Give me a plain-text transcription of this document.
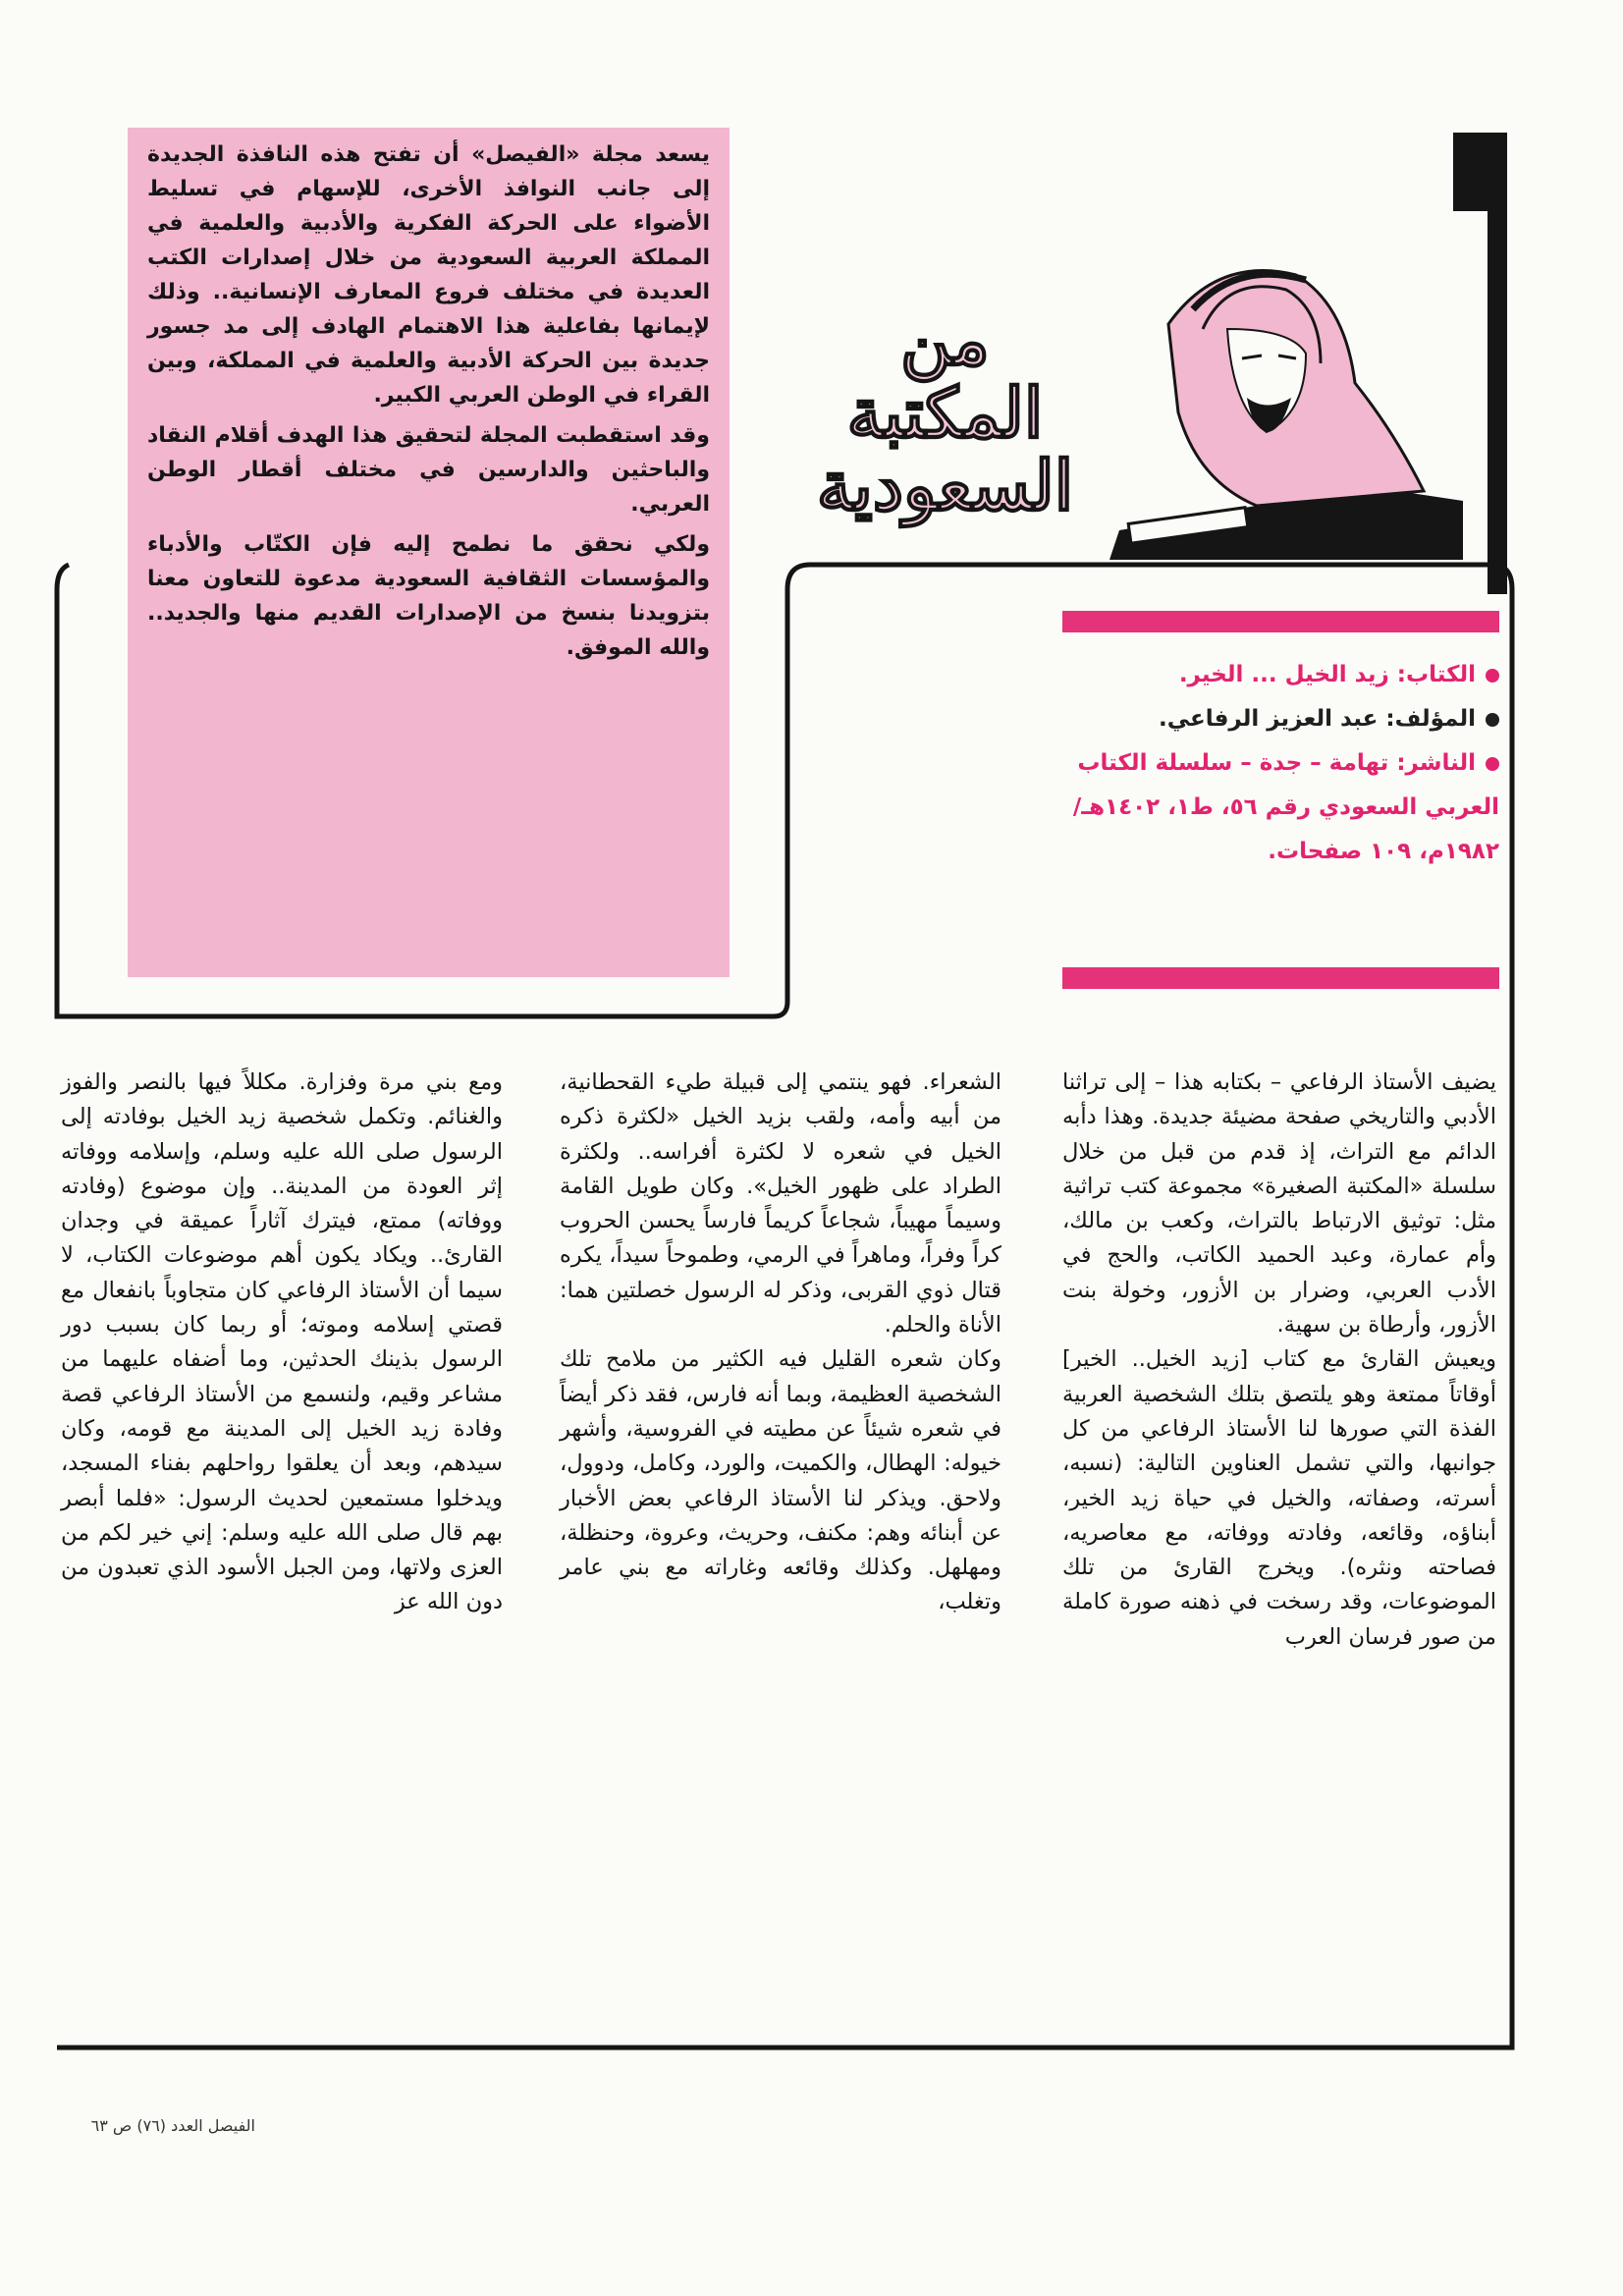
من
المكتبة
السعودية

يسعد مجلة «الفيصل» أن تفتح هذه النافذة الجديدة إلى جانب النوافذ الأخرى، للإسهام في تسليط الأضواء على الحركة الفكرية والأدبية والعلمية في المملكة العربية السعودية من خلال إصدارات الكتب العديدة في مختلف فروع المعارف الإنسانية.. وذلك لإيمانها بفاعلية هذا الاهتمام الهادف إلى مد جسور جديدة بين الحركة الأدبية والعلمية في المملكة، وبين القراء في الوطن العربي الكبير.

وقد استقطبت المجلة لتحقيق هذا الهدف أقلام النقاد والباحثين والدارسين في مختلف أقطار الوطن العربي.

ولكي نحقق ما نطمح إليه فإن الكتّاب والأدباء والمؤسسات الثقافية السعودية مدعوة للتعاون معنا بتزويدنا بنسخ من الإصدارات القديم منها والجديد.. والله الموفق.

الكتاب: زيد الخيل ... الخير.

المؤلف: عبد العزيز الرفاعي.

الناشر: تهامة – جدة – سلسلة الكتاب العربي السعودي رقم ٥٦، ط١، ١٤٠٢هـ/١٩٨٢م، ١٠٩ صفحات.

يضيف الأستاذ الرفاعي – بكتابه هذا – إلى تراثنا الأدبي والتاريخي صفحة مضيئة جديدة. وهذا دأبه الدائم مع التراث، إذ قدم من قبل من خلال سلسلة «المكتبة الصغيرة» مجموعة كتب تراثية مثل: توثيق الارتباط بالتراث، وكعب بن مالك، وأم عمارة، وعبد الحميد الكاتب، والحج في الأدب العربي، وضرار بن الأزور، وخولة بنت الأزور، وأرطاة بن سهية.

ويعيش القارئ مع كتاب [زيد الخيل.. الخير] أوقاتاً ممتعة وهو يلتصق بتلك الشخصية العربية الفذة التي صورها لنا الأستاذ الرفاعي من كل جوانبها، والتي تشمل العناوين التالية: (نسبه، أسرته، وصفاته، والخيل في حياة زيد الخير، أبناؤه، وقائعه، وفادته ووفاته، مع معاصريه، فصاحته ونثره). ويخرج القارئ من تلك الموضوعات، وقد رسخت في ذهنه صورة كاملة من صور فرسان العرب

الشعراء. فهو ينتمي إلى قبيلة طيء القحطانية، من أبيه وأمه، ولقب بزيد الخيل «لكثرة ذكره الخيل في شعره لا لكثرة أفراسه.. ولكثرة الطراد على ظهور الخيل». وكان طويل القامة وسيماً مهيباً، شجاعاً كريماً فارساً يحسن الحروب كراً وفراً، وماهراً في الرمي، وطموحاً سيداً، يكره قتال ذوي القربى، وذكر له الرسول خصلتين هما: الأناة والحلم.

وكان شعره القليل فيه الكثير من ملامح تلك الشخصية العظيمة، وبما أنه فارس، فقد ذكر أيضاً في شعره شيئاً عن مطيته في الفروسية، وأشهر خيوله: الهطال، والكميت، والورد، وكامل، ودوول، ولاحق. ويذكر لنا الأستاذ الرفاعي بعض الأخبار عن أبنائه وهم: مكنف، وحريث، وعروة، وحنظلة، ومهلهل. وكذلك وقائعه وغاراته مع بني عامر وتغلب،

ومع بني مرة وفزارة. مكللاً فيها بالنصر والفوز والغنائم. وتكمل شخصية زيد الخيل بوفادته إلى الرسول صلى الله عليه وسلم، وإسلامه ووفاته إثر العودة من المدينة.. وإن موضوع (وفادته ووفاته) ممتع، فيترك آثاراً عميقة في وجدان القارئ.. ويكاد يكون أهم موضوعات الكتاب، لا سيما أن الأستاذ الرفاعي كان متجاوباً بانفعال مع قصتي إسلامه وموته؛ أو ربما كان بسبب دور الرسول بذينك الحدثين، وما أضفاه عليهما من مشاعر وقيم، ولنسمع من الأستاذ الرفاعي قصة وفادة زيد الخيل إلى المدينة مع قومه، وكان سيدهم، وبعد أن يعلقوا رواحلهم بفناء المسجد، ويدخلوا مستمعين لحديث الرسول: «فلما أبصر بهم قال صلى الله عليه وسلم: إني خير لكم من العزى ولاتها، ومن الجبل الأسود الذي تعبدون من دون الله عز

الفيصل العدد (٧٦) ص ٦٣
